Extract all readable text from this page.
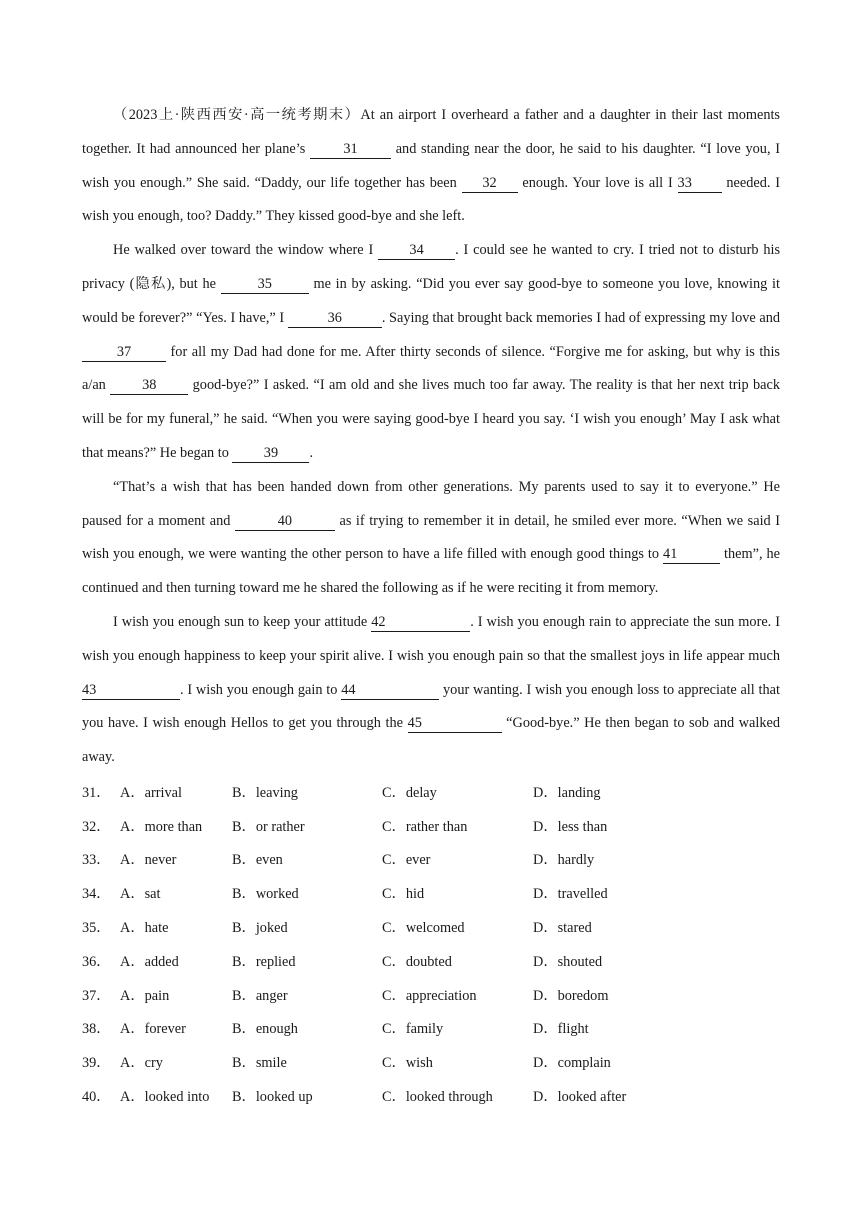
（2023上·陕西西安·高一统考期末）At an airport I overheard a father and a daughter in their last moments together. It had announced her plane’s 31 and standing near the door, he said to his daughter. “I love you, I wish you enough.” She said. “Daddy, our life together has been 32 enough. Your love is all I 33 needed. I wish you enough, too? Daddy.” They kissed good-bye and she left.

He walked over toward the window where I 34 . I could see he wanted to cry. I tried not to disturb his privacy (隐私), but he	35	me in by asking. “Did you ever say good-bye to someone you love, knowing it would be forever?” “Yes. I have,” I	36	. Saying that brought back memories I had of expressing my love and 37 for all my Dad had done for me. After thirty seconds of silence. “Forgive me for asking, but why is this a/an 38 good-bye?” I asked. “I am old and she lives much too far away. The reality is that her next trip back will be for my funeral,” he said. “When you were saying good-bye I heard you say. ‘I wish you enough’ May I ask what that means?” He began to 39 .

“That’s a wish that has been handed down from other generations. My parents used to say it to everyone.” He paused for a moment and	40	as if trying to remember it in detail, he smiled ever more. “When we said I wish you enough, we were wanting the other person to have a life filled with enough good things to 41	them”, he continued and then turning toward me he shared the following as if he were reciting it from memory.

I wish you enough sun to keep your attitude 42	. I wish you enough rain to appreciate the sun more. I wish you enough happiness to keep your spirit alive. I wish you enough pain so that the smallest joys in life appear much 43	. I wish you enough gain to 44	your wanting. I wish you enough loss to appreciate all that you have. I wish enough Hellos to get you through the 45	“Good-bye.” He then began to sob and walked away.

31． A．arrival	B．leaving	C．delay	D．landing
32． A．more than	B．or rather	C．rather than	D．less than
33． A．never	B．even	C．ever	D．hardly
34． A．sat	B．worked	C．hid	D．travelled
35． A．hate	B．joked	C．welcomed	D．stared
36． A．added	B．replied	C．doubted	D．shouted
37． A．pain	B．anger	C．appreciation	D．boredom
38． A．forever	B．enough	C．family	D．flight
39． A．cry	B．smile	C．wish	D．complain
40． A．looked into	B．looked up	C．looked through	D．looked after
